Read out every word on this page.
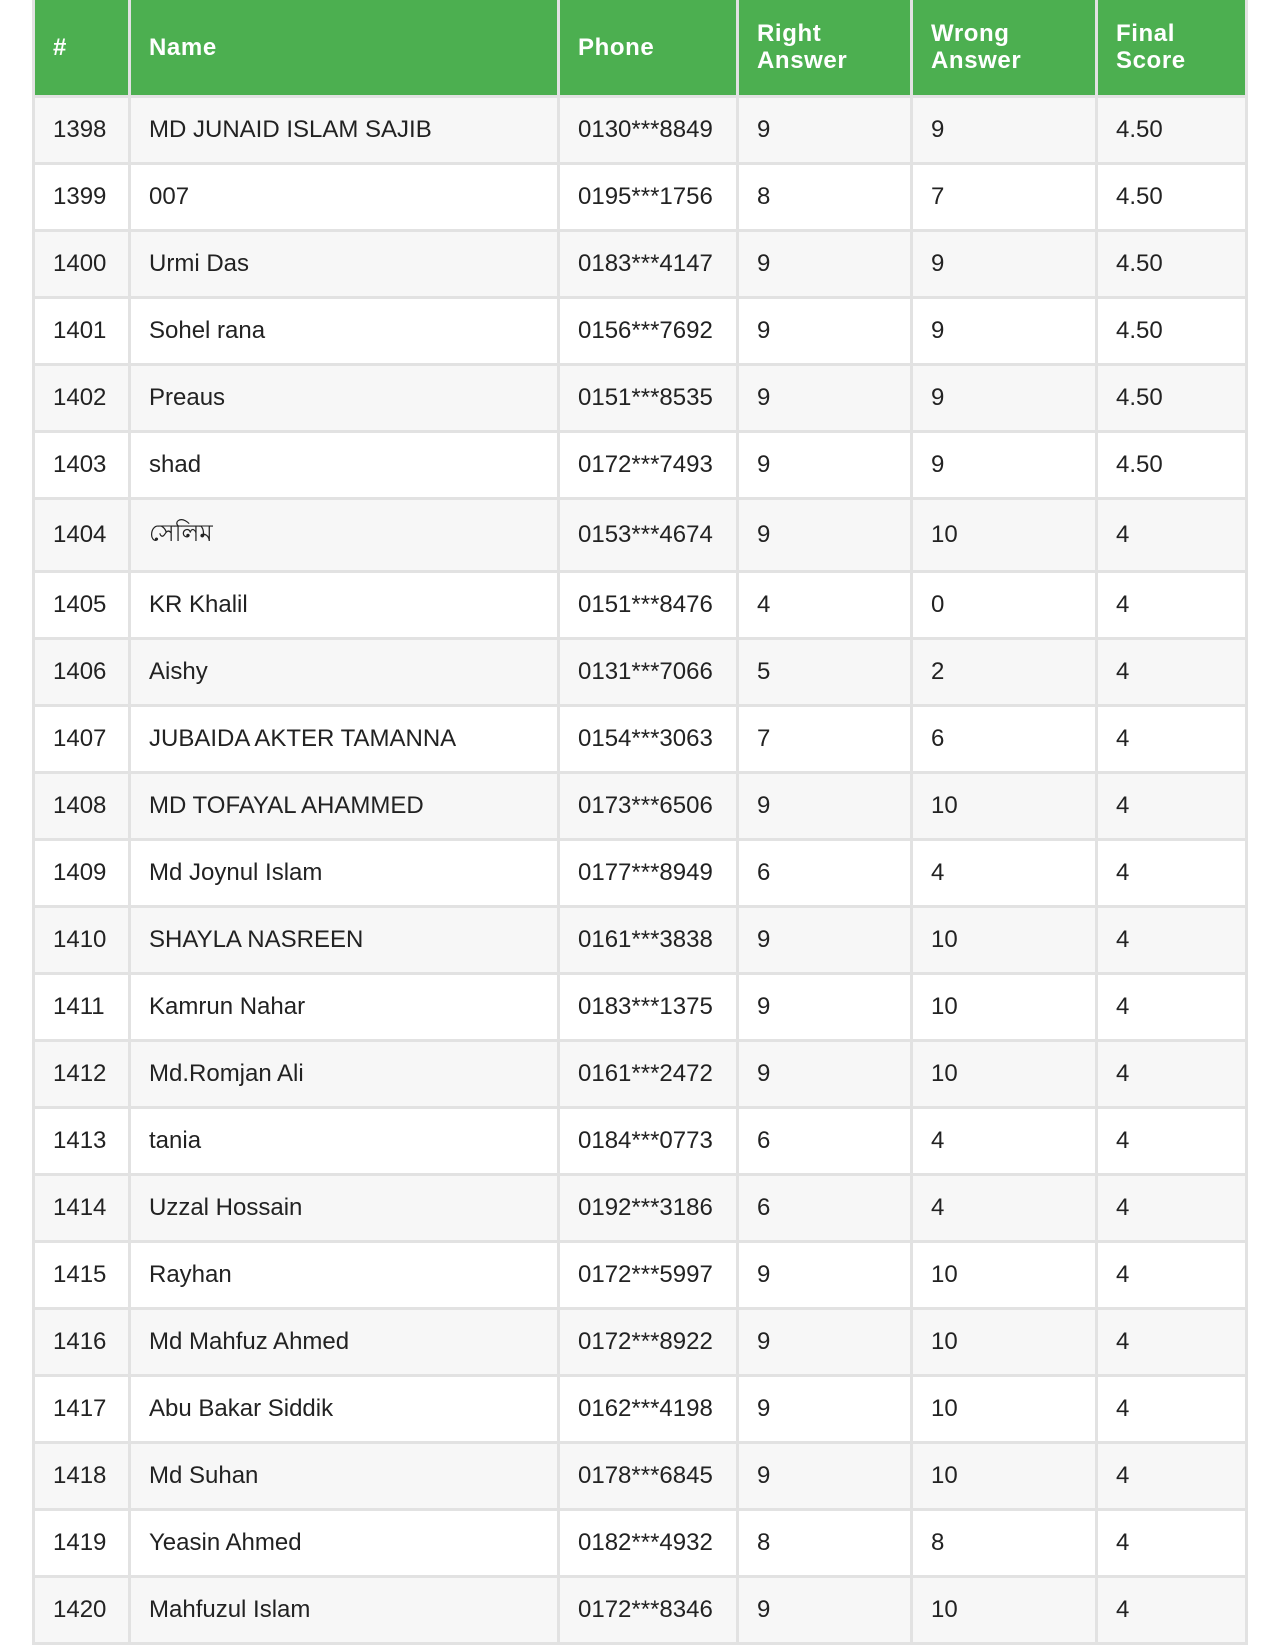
#	Name	Phone	Right Answer	Wrong Answer	Final Score
1398	MD JUNAID ISLAM SAJIB	0130***8849	9	9	4.50
1399	007	0195***1756	8	7	4.50
1400	Urmi Das	0183***4147	9	9	4.50
1401	Sohel rana	0156***7692	9	9	4.50
1402	Preaus	0151***8535	9	9	4.50
1403	shad	0172***7493	9	9	4.50
1404	সেলিম	0153***4674	9	10	4
1405	KR Khalil	0151***8476	4	0	4
1406	Aishy	0131***7066	5	2	4
1407	JUBAIDA AKTER TAMANNA	0154***3063	7	6	4
1408	MD TOFAYAL AHAMMED	0173***6506	9	10	4
1409	Md Joynul Islam	0177***8949	6	4	4
1410	SHAYLA NASREEN	0161***3838	9	10	4
1411	Kamrun Nahar	0183***1375	9	10	4
1412	Md.Romjan Ali	0161***2472	9	10	4
1413	tania	0184***0773	6	4	4
1414	Uzzal Hossain	0192***3186	6	4	4
1415	Rayhan	0172***5997	9	10	4
1416	Md Mahfuz Ahmed	0172***8922	9	10	4
1417	Abu Bakar Siddik	0162***4198	9	10	4
1418	Md Suhan	0178***6845	9	10	4
1419	Yeasin Ahmed	0182***4932	8	8	4
1420	Mahfuzul Islam	0172***8346	9	10	4
